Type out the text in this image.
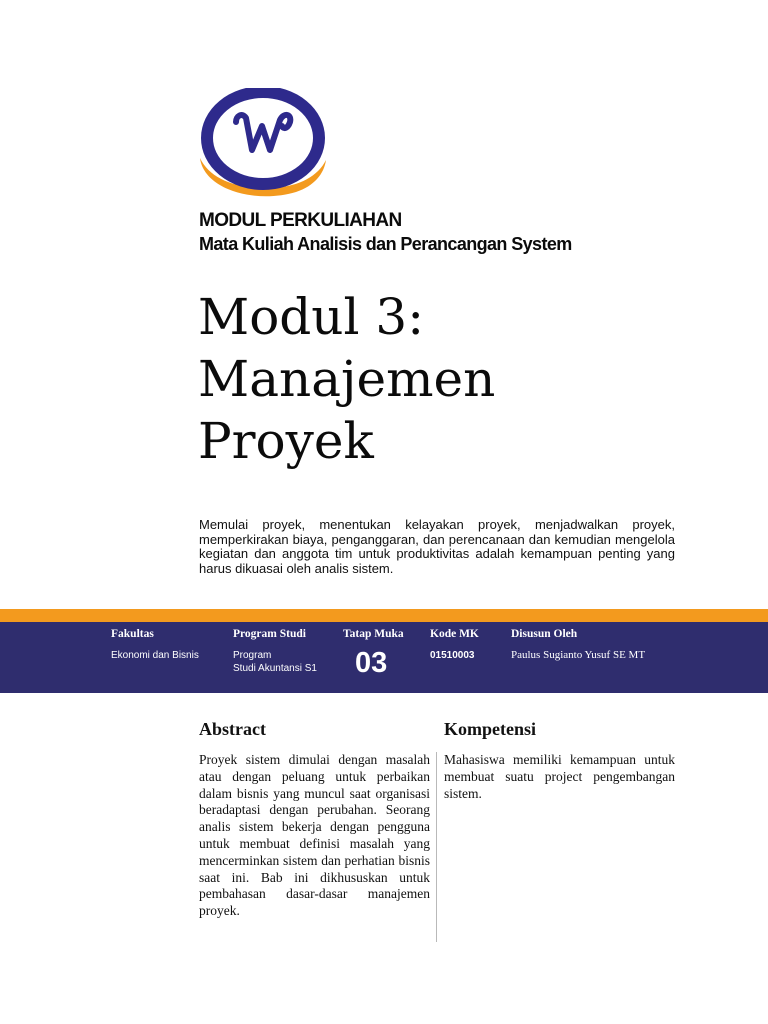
MODUL PERKULIAHAN
Mata Kuliah Analisis dan Perancangan System
Modul 3:
Manajemen
Proyek
Memulai proyek, menentukan kelayakan proyek, menjadwalkan proyek, memperkirakan biaya, penganggaran, dan perencanaan dan kemudian mengelola kegiatan dan anggota tim untuk produktivitas adalah kemampuan penting yang harus dikuasai oleh analis sistem.
Fakultas
Ekonomi dan Bisnis
Program Studi
Program
Studi Akuntansi S1
Tatap Muka
03
Kode MK
01510003
Disusun Oleh
Paulus Sugianto Yusuf SE MT
Abstract
Proyek sistem dimulai dengan masalah atau dengan peluang untuk perbaikan dalam bisnis yang muncul saat organisasi beradaptasi dengan perubahan. Seorang analis sistem bekerja dengan pengguna untuk membuat definisi masalah yang mencerminkan sistem dan perhatian bisnis saat ini. Bab ini dikhususkan untuk pembahasan dasar-dasar manajemen proyek.
Kompetensi
Mahasiswa memiliki kemampuan untuk membuat suatu project pengembangan sistem.
